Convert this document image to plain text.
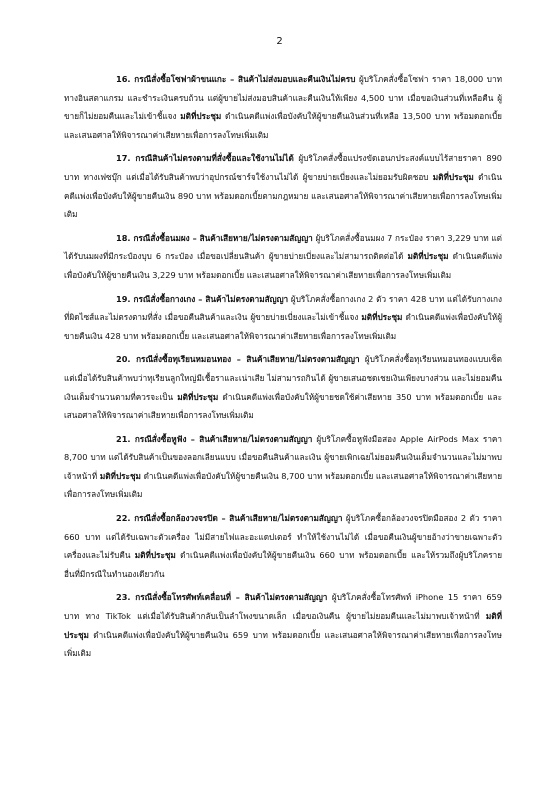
2

16. กรณีสั่งซื้อโซฟาผ้าขนแกะ – สินค้าไม่ส่งมอบและคืนเงินไม่ครบ ผู้บริโภคสั่งซื้อโซฟา ราคา 18,000 บาท ทางอินสตาแกรม และชำระเงินครบถ้วน แต่ผู้ขายไม่ส่งมอบสินค้าและคืนเงินให้เพียง 4,500 บาท เมื่อขอเงินส่วนที่เหลือคืน ผู้ขายก็ไม่ยอมคืนและไม่เข้าชี้แจง มติที่ประชุม ดำเนินคดีแพ่งเพื่อบังคับให้ผู้ขายคืนเงินส่วนที่เหลือ 13,500 บาท พร้อมดอกเบี้ย และเสนอศาลให้พิจารณาค่าเสียหายเพื่อการลงโทษเพิ่มเติม

17. กรณีสินค้าไม่ตรงตามที่สั่งซื้อและใช้งานไม่ได้ ผู้บริโภคสั่งซื้อแปรงขัดเอนกประสงค์แบบไร้สายราคา 890 บาท ทางเฟซบุ๊ก แต่เมื่อได้รับสินค้าพบว่าอุปกรณ์ชาร์จใช้งานไม่ได้ ผู้ขายบ่ายเบี่ยงและไม่ยอมรับผิดชอบ มติที่ประชุม ดำเนินคดีแพ่งเพื่อบังคับให้ผู้ขายคืนเงิน 890 บาท พร้อมดอกเบี้ยตามกฎหมาย และเสนอศาลให้พิจารณาค่าเสียหายเพื่อการลงโทษเพิ่มเติม

18. กรณีสั่งซื้อนมผง – สินค้าเสียหาย/ไม่ตรงตามสัญญา ผู้บริโภคสั่งซื้อนมผง 7 กระป๋อง ราคา 3,229 บาท แต่ได้รับนมผงที่มีกระป๋องบุบ 6 กระป๋อง เมื่อขอเปลี่ยนสินค้า ผู้ขายบ่ายเบี่ยงและไม่สามารถติดต่อได้ มติที่ประชุม ดำเนินคดีแพ่งเพื่อบังคับให้ผู้ขายคืนเงิน 3,229 บาท พร้อมดอกเบี้ย และเสนอศาลให้พิจารณาค่าเสียหายเพื่อการลงโทษเพิ่มเติม

19. กรณีสั่งซื้อกางเกง – สินค้าไม่ตรงตามสัญญา ผู้บริโภคสั่งซื้อกางเกง 2 ตัว ราคา 428 บาท แต่ได้รับกางเกงที่ผิดไซส์และไม่ตรงตามที่สั่ง เมื่อขอคืนสินค้าและเงิน ผู้ขายบ่ายเบี่ยงและไม่เข้าชี้แจง มติที่ประชุม ดำเนินคดีแพ่งเพื่อบังคับให้ผู้ขายคืนเงิน 428 บาท พร้อมดอกเบี้ย และเสนอศาลให้พิจารณาค่าเสียหายเพื่อการลงโทษเพิ่มเติม

20. กรณีสั่งซื้อทุเรียนหมอนทอง – สินค้าเสียหาย/ไม่ตรงตามสัญญา ผู้บริโภคสั่งซื้อทุเรียนหมอนทองแบบเซ็ต แต่เมื่อได้รับสินค้าพบว่าทุเรียนลูกใหญ่มีเชื้อราและเน่าเสีย ไม่สามารถกินได้ ผู้ขายเสนอชดเชยเงินเพียงบางส่วน และไม่ยอมคืนเงินเต็มจำนวนตามที่ควรจะเป็น มติที่ประชุม ดำเนินคดีแพ่งเพื่อบังคับให้ผู้ขายชดใช้ค่าเสียหาย 350 บาท พร้อมดอกเบี้ย และเสนอศาลให้พิจารณาค่าเสียหายเพื่อการลงโทษเพิ่มเติม

21. กรณีสั่งซื้อหูฟัง – สินค้าเสียหาย/ไม่ตรงตามสัญญา ผู้บริโภคซื้อหูฟังมือสอง Apple AirPods Max ราคา 8,700 บาท แต่ได้รับสินค้าเป็นของลอกเลียนแบบ เมื่อขอคืนสินค้าและเงิน ผู้ขายเพิกเฉยไม่ยอมคืนเงินเต็มจำนวนและไม่มาพบเจ้าหน้าที่ มติที่ประชุม ดำเนินคดีแพ่งเพื่อบังคับให้ผู้ขายคืนเงิน 8,700 บาท พร้อมดอกเบี้ย และเสนอศาลให้พิจารณาค่าเสียหายเพื่อการลงโทษเพิ่มเติม

22. กรณีสั่งซื้อกล้องวงจรปิด – สินค้าเสียหาย/ไม่ตรงตามสัญญา ผู้บริโภคซื้อกล้องวงจรปิดมือสอง 2 ตัว ราคา 660 บาท แต่ได้รับเฉพาะตัวเครื่อง ไม่มีสายไฟและอะแดปเตอร์ ทำให้ใช้งานไม่ได้ เมื่อขอคืนเงินผู้ขายอ้างว่าขายเฉพาะตัวเครื่องและไม่รับคืน มติที่ประชุม ดำเนินคดีแพ่งเพื่อบังคับให้ผู้ขายคืนเงิน 660 บาท พร้อมดอกเบี้ย และให้รวมถึงผู้บริโภครายอื่นที่มีกรณีในทำนองเดียวกัน

23. กรณีสั่งซื้อโทรศัพท์เคลื่อนที่ – สินค้าไม่ตรงตามสัญญา ผู้บริโภคสั่งซื้อโทรศัพท์ iPhone 15 ราคา 659 บาท ทาง TikTok แต่เมื่อได้รับสินค้ากลับเป็นลำโพงขนาดเล็ก เมื่อขอเงินคืน ผู้ขายไม่ยอมคืนและไม่มาพบเจ้าหน้าที่ มติที่ประชุม ดำเนินคดีแพ่งเพื่อบังคับให้ผู้ขายคืนเงิน 659 บาท พร้อมดอกเบี้ย และเสนอศาลให้พิจารณาค่าเสียหายเพื่อการลงโทษเพิ่มเติม
